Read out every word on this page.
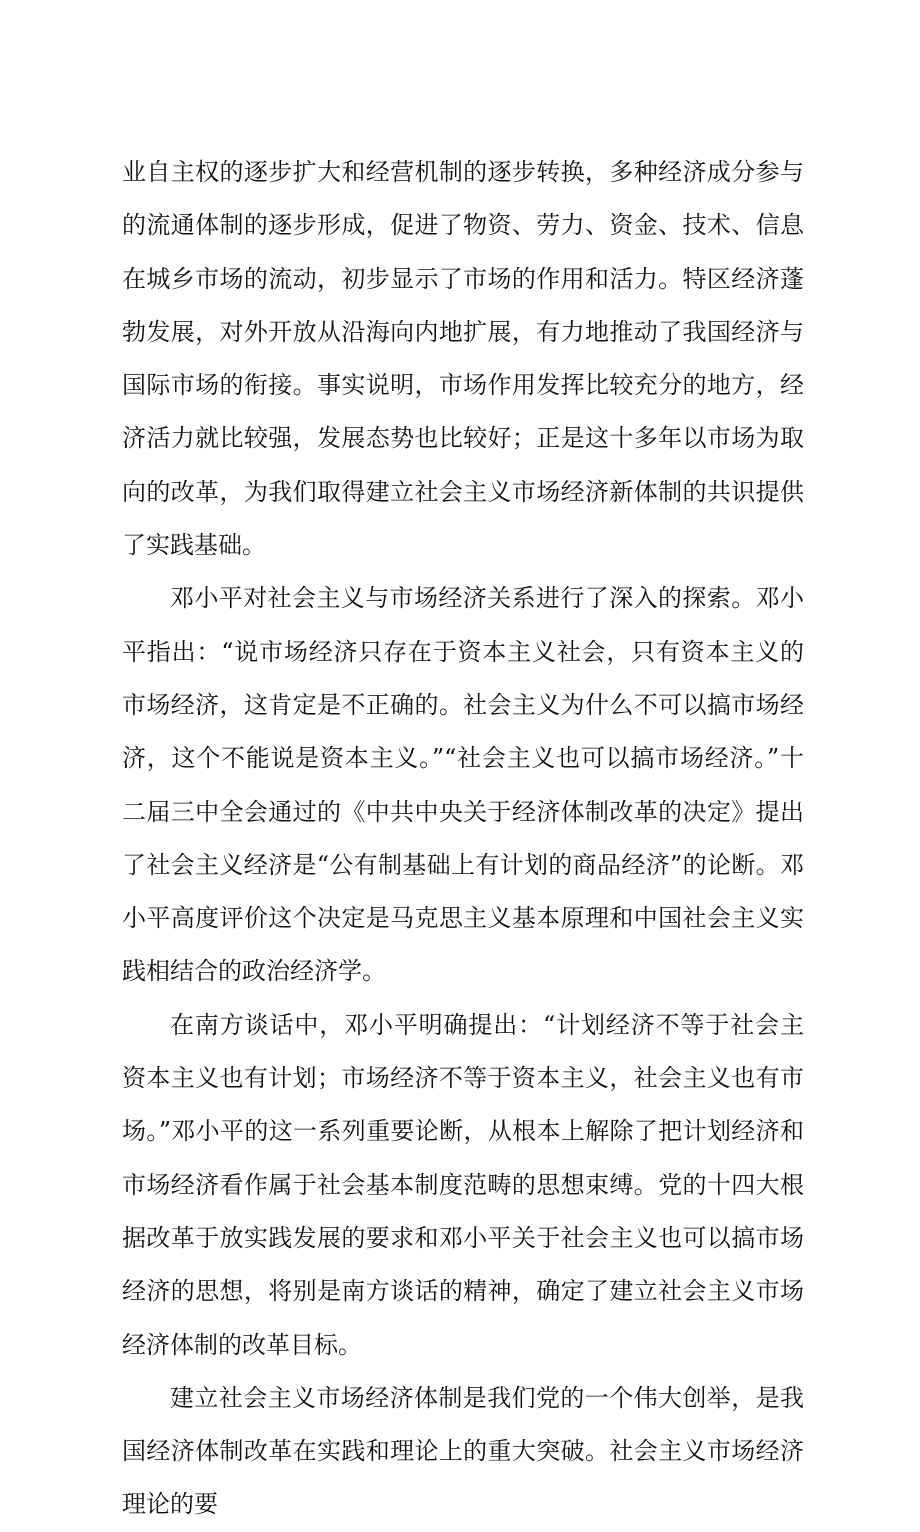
业自主权的逐步扩大和经营机制的逐步转换，多种经济成分参与的流通体制的逐步形成，促进了物资、劳力、资金、技术、信息在城乡市场的流动，初步显示了市场的作用和活力。特区经济蓬勃发展，对外开放从沿海向内地扩展，有力地推动了我国经济与国际市场的衔接。事实说明，市场作用发挥比较充分的地方，经济活力就比较强，发展态势也比较好；正是这十多年以市场为取向的改革，为我们取得建立社会主义市场经济新体制的共识提供了实践基础。

邓小平对社会主义与市场经济关系进行了深入的探索。邓小平指出：“说市场经济只存在于资本主义社会，只有资本主义的市场经济，这肯定是不正确的。社会主义为什么不可以搞市场经济，这个不能说是资本主义。”“社会主义也可以搞市场经济。”十二届三中全会通过的《中共中央关于经济体制改革的决定》提出了社会主义经济是“公有制基础上有计划的商品经济”的论断。邓小平高度评价这个决定是马克思主义基本原理和中国社会主义实践相结合的政治经济学。

在南方谈话中，邓小平明确提出：“计划经济不等于社会主资本主义也有计划；市场经济不等于资本主义，社会主义也有市场。”邓小平的这一系列重要论断，从根本上解除了把计划经济和市场经济看作属于社会基本制度范畴的思想束缚。党的十四大根据改革于放实践发展的要求和邓小平关于社会主义也可以搞市场经济的思想，将别是南方谈话的精神，确定了建立社会主义市场经济体制的改革目标。

建立社会主义市场经济体制是我们党的一个伟大创举，是我国经济体制改革在实践和理论上的重大突破。社会主义市场经济理论的要
